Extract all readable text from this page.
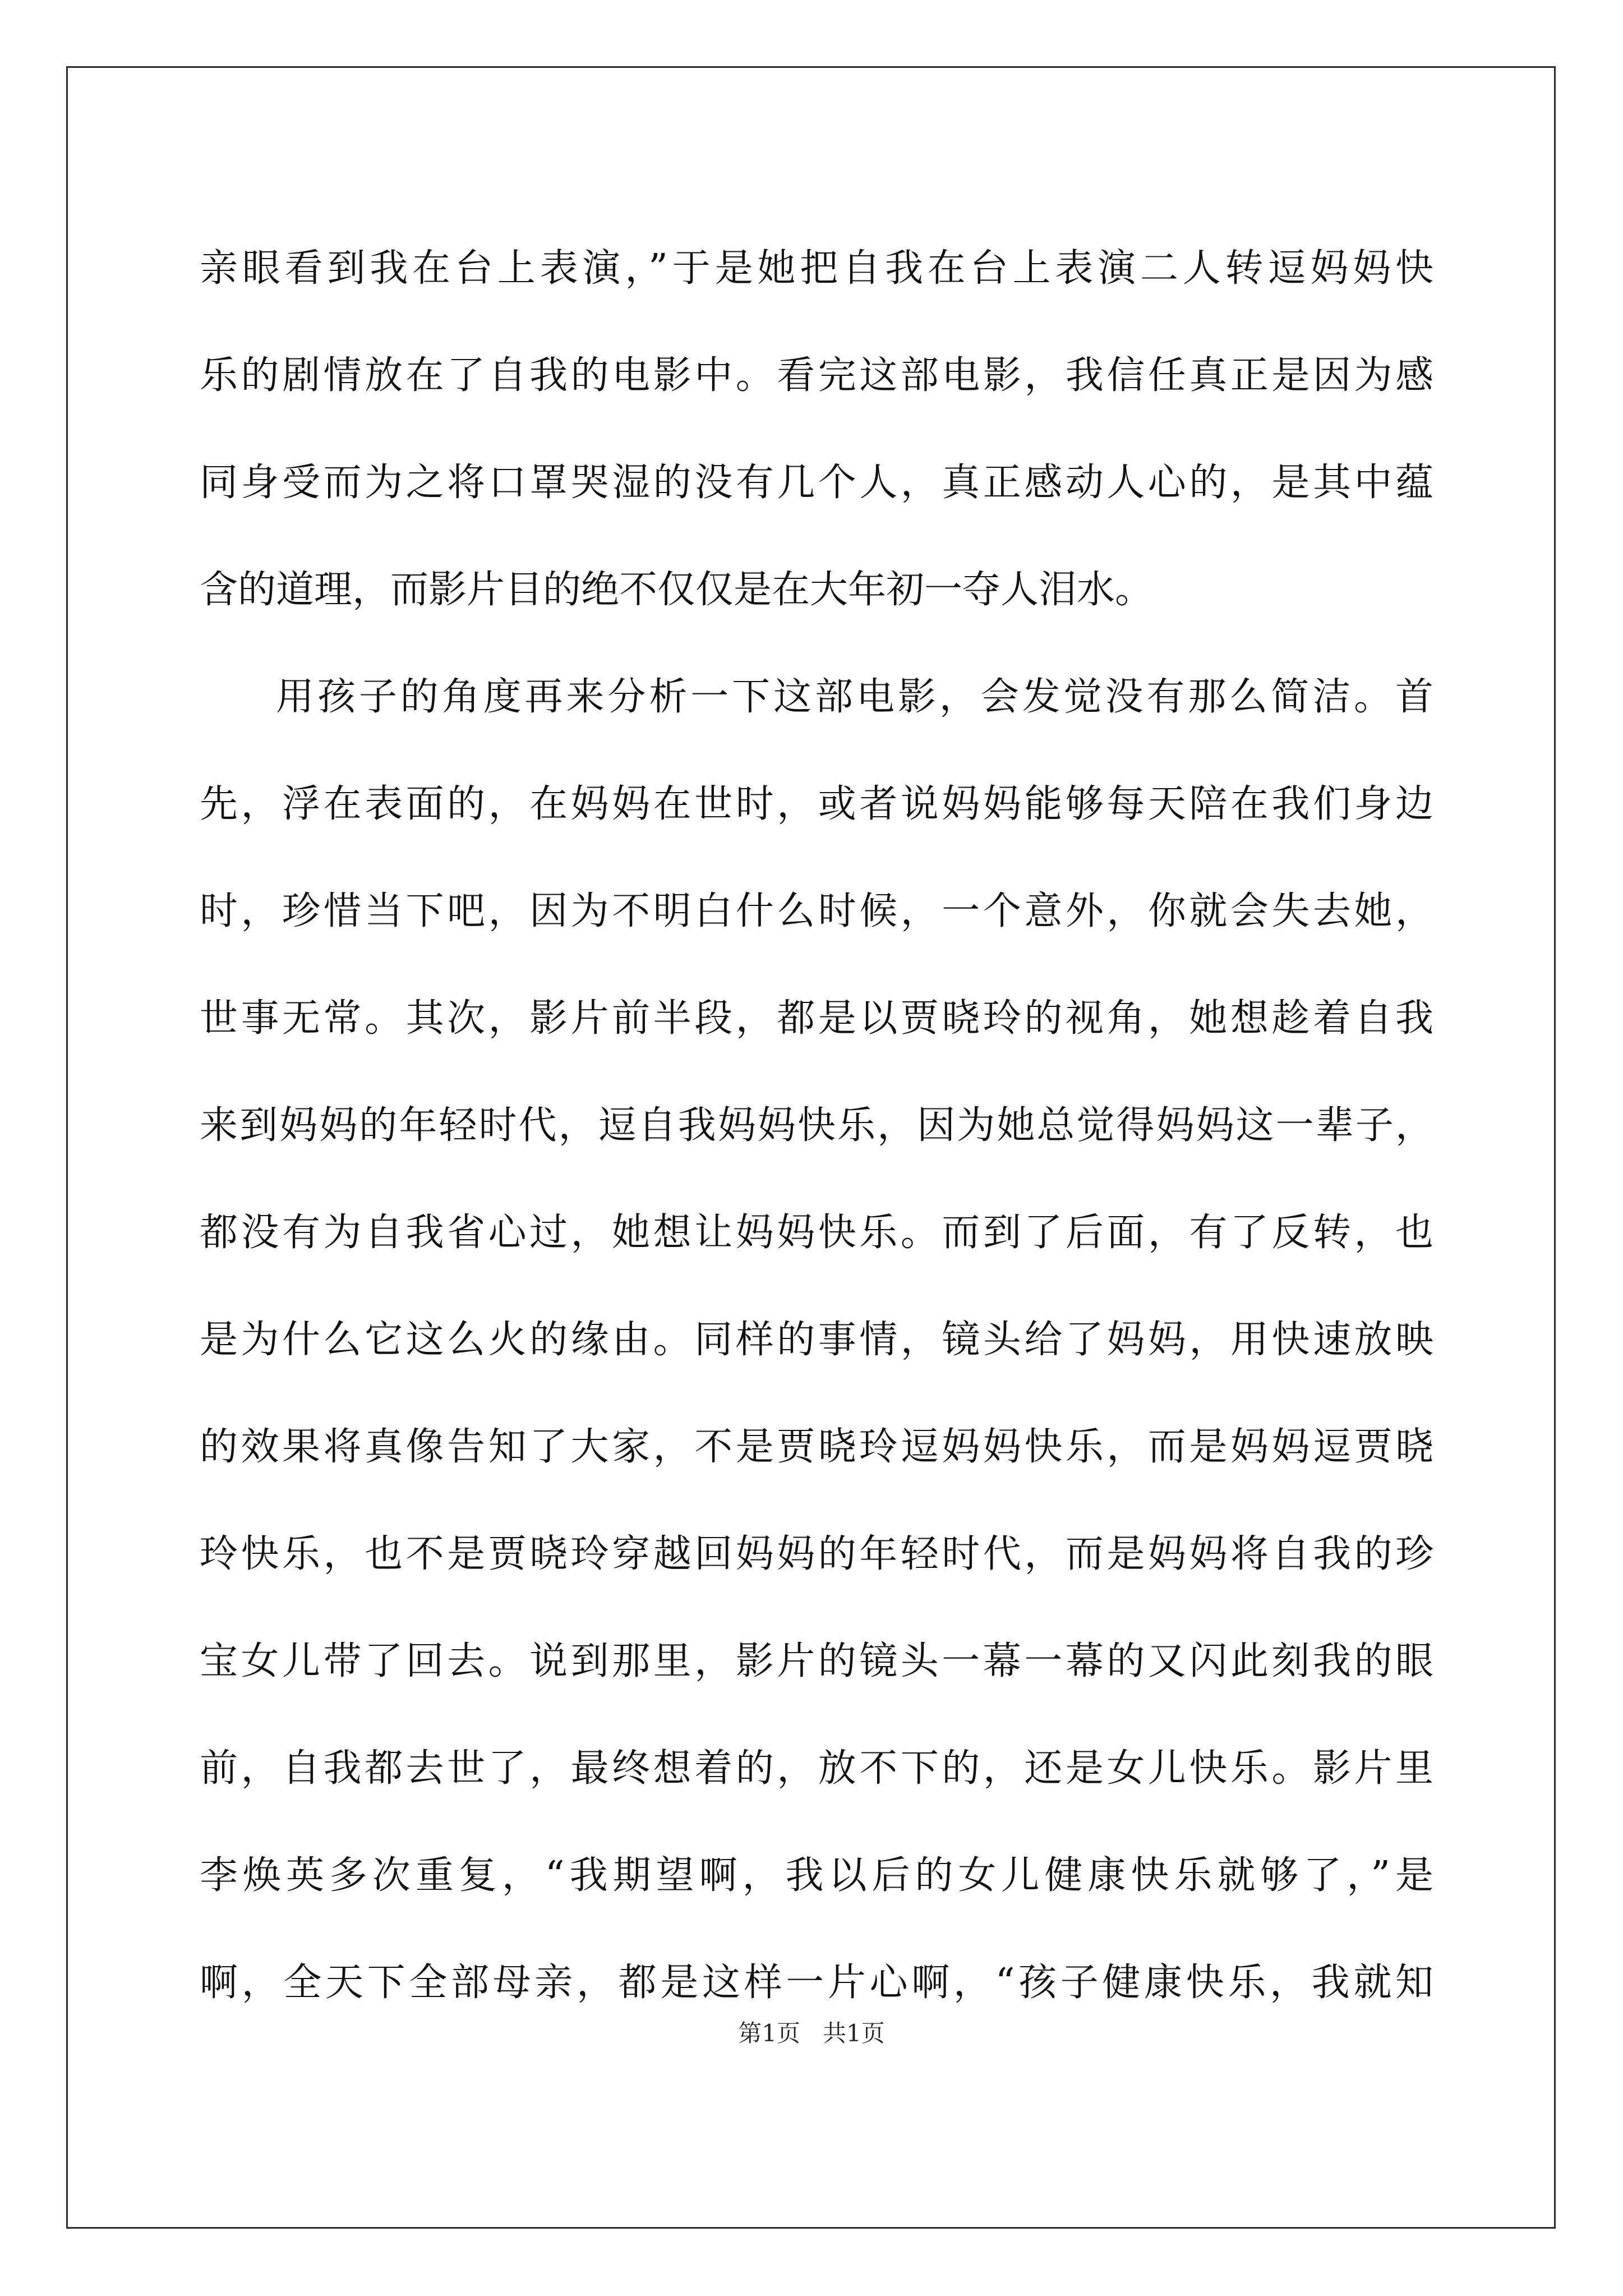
亲眼看到我在台上表演，”于是她把自我在台上表演二人转逗妈妈快
乐的剧情放在了自我的电影中。看完这部电影，我信任真正是因为感
同身受而为之将口罩哭湿的没有几个人，真正感动人心的，是其中蕴
含的道理，而影片目的绝不仅仅是在大年初一夺人泪水。
用孩子的角度再来分析一下这部电影，会发觉没有那么简洁。首
先，浮在表面的，在妈妈在世时，或者说妈妈能够每天陪在我们身边
时，珍惜当下吧，因为不明白什么时候，一个意外，你就会失去她，
世事无常。其次，影片前半段，都是以贾晓玲的视角，她想趁着自我
来到妈妈的年轻时代，逗自我妈妈快乐，因为她总觉得妈妈这一辈子，
都没有为自我省心过，她想让妈妈快乐。而到了后面，有了反转，也
是为什么它这么火的缘由。同样的事情，镜头给了妈妈，用快速放映
的效果将真像告知了大家，不是贾晓玲逗妈妈快乐，而是妈妈逗贾晓
玲快乐，也不是贾晓玲穿越回妈妈的年轻时代，而是妈妈将自我的珍
宝女儿带了回去。说到那里，影片的镜头一幕一幕的又闪此刻我的眼
前，自我都去世了，最终想着的，放不下的，还是女儿快乐。影片里
李焕英多次重复，“我期望啊，我以后的女儿健康快乐就够了，”是
啊，全天下全部母亲，都是这样一片心啊，“孩子健康快乐，我就知
第1页 共1页
